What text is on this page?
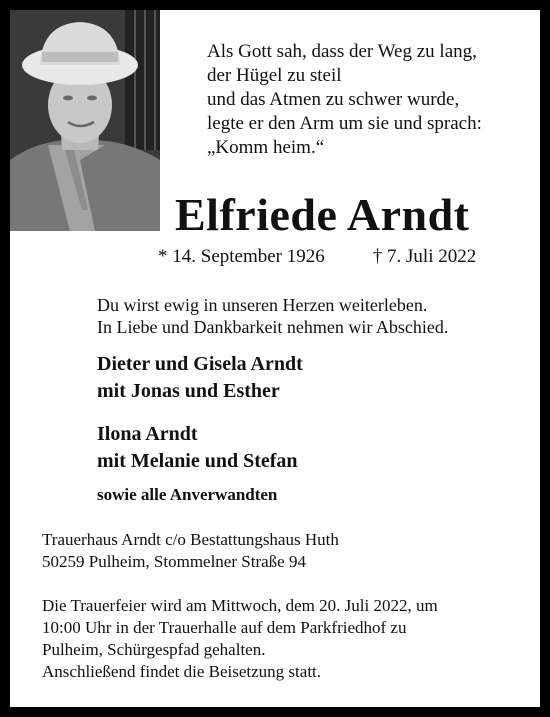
Als Gott sah, dass der Weg zu lang,
der Hügel zu steil
und das Atmen zu schwer wurde,
legte er den Arm um sie und sprach:
„Komm heim.“
Elfriede Arndt
* 14. September 1926	† 7. Juli 2022
Du wirst ewig in unseren Herzen weiterleben.
In Liebe und Dankbarkeit nehmen wir Abschied.
Dieter und Gisela Arndt
mit Jonas und Esther
Ilona Arndt
mit Melanie und Stefan
sowie alle Anverwandten
Trauerhaus Arndt c/o Bestattungshaus Huth
50259 Pulheim, Stommelner Straße 94
Die Trauerfeier wird am Mittwoch, dem 20. Juli 2022, um
10:00 Uhr in der Trauerhalle auf dem Parkfriedhof zu
Pulheim, Schürgespfad gehalten.
Anschließend findet die Beisetzung statt.
